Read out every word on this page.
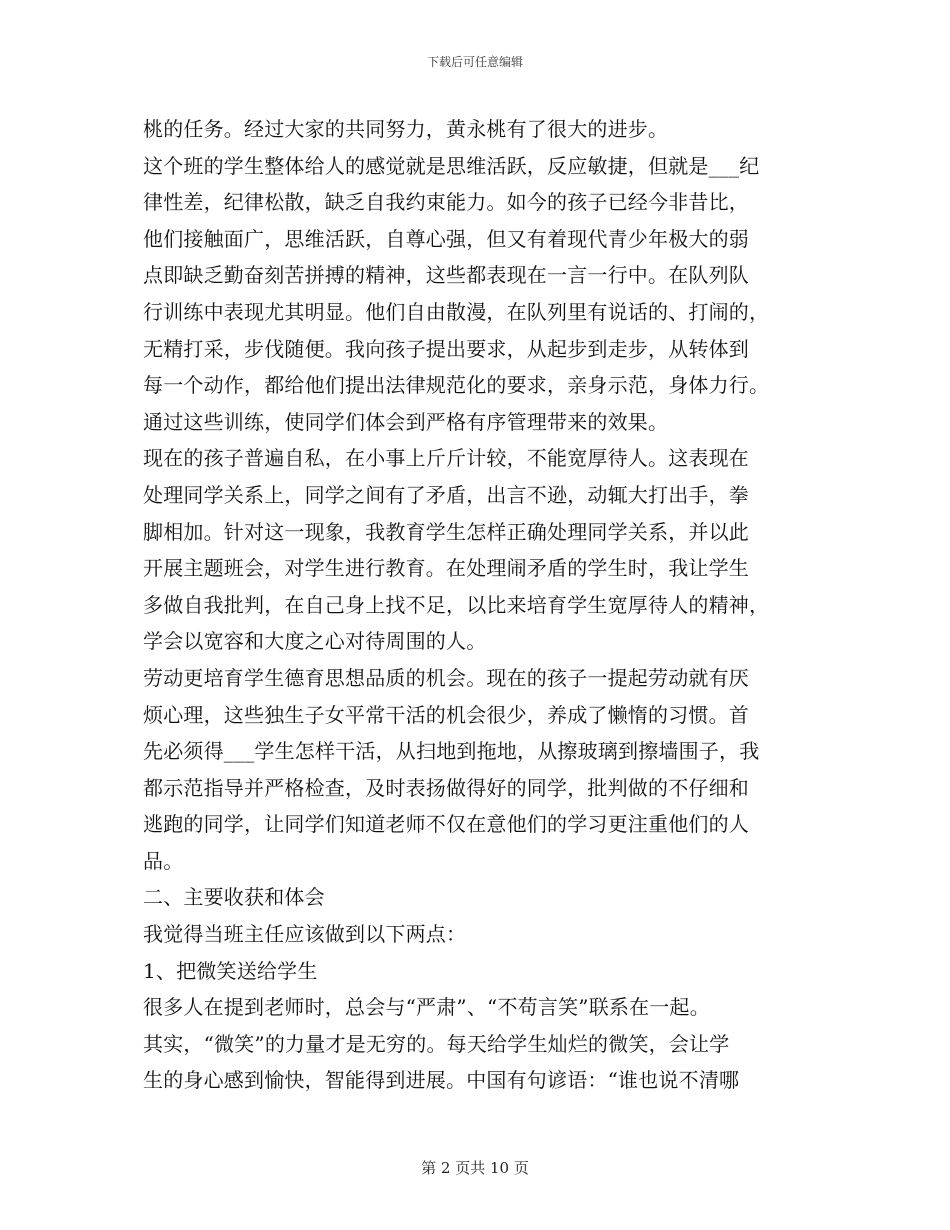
下载后可任意编辑
桃的任务。经过大家的共同努力，黄永桃有了很大的进步。
这个班的学生整体给人的感觉就是思维活跃，反应敏捷，但就是___纪
律性差，纪律松散，缺乏自我约束能力。如今的孩子已经今非昔比，
他们接触面广，思维活跃，自尊心强，但又有着现代青少年极大的弱
点即缺乏勤奋刻苦拼搏的精神，这些都表现在一言一行中。在队列队
行训练中表现尤其明显。他们自由散漫，在队列里有说话的、打闹的，
无精打采，步伐随便。我向孩子提出要求，从起步到走步，从转体到
每一个动作，都给他们提出法律规范化的要求，亲身示范，身体力行。
通过这些训练，使同学们体会到严格有序管理带来的效果。
现在的孩子普遍自私，在小事上斤斤计较，不能宽厚待人。这表现在
处理同学关系上，同学之间有了矛盾，出言不逊，动辄大打出手，拳
脚相加。针对这一现象，我教育学生怎样正确处理同学关系，并以此
开展主题班会，对学生进行教育。在处理闹矛盾的学生时，我让学生
多做自我批判，在自己身上找不足，以比来培育学生宽厚待人的精神，
学会以宽容和大度之心对待周围的人。
劳动更培育学生德育思想品质的机会。现在的孩子一提起劳动就有厌
烦心理，这些独生子女平常干活的机会很少，养成了懒惰的习惯。首
先必须得___学生怎样干活，从扫地到拖地，从擦玻璃到擦墙围子，我
都示范指导并严格检查，及时表扬做得好的同学，批判做的不仔细和
逃跑的同学，让同学们知道老师不仅在意他们的学习更注重他们的人
品。
二、主要收获和体会
我觉得当班主任应该做到以下两点：
1、把微笑送给学生
很多人在提到老师时，总会与“严肃”、“不苟言笑”联系在一起。
其实，“微笑”的力量才是无穷的。每天给学生灿烂的微笑，会让学
生的身心感到愉快，智能得到进展。中国有句谚语：“谁也说不清哪
第 2 页共 10 页
